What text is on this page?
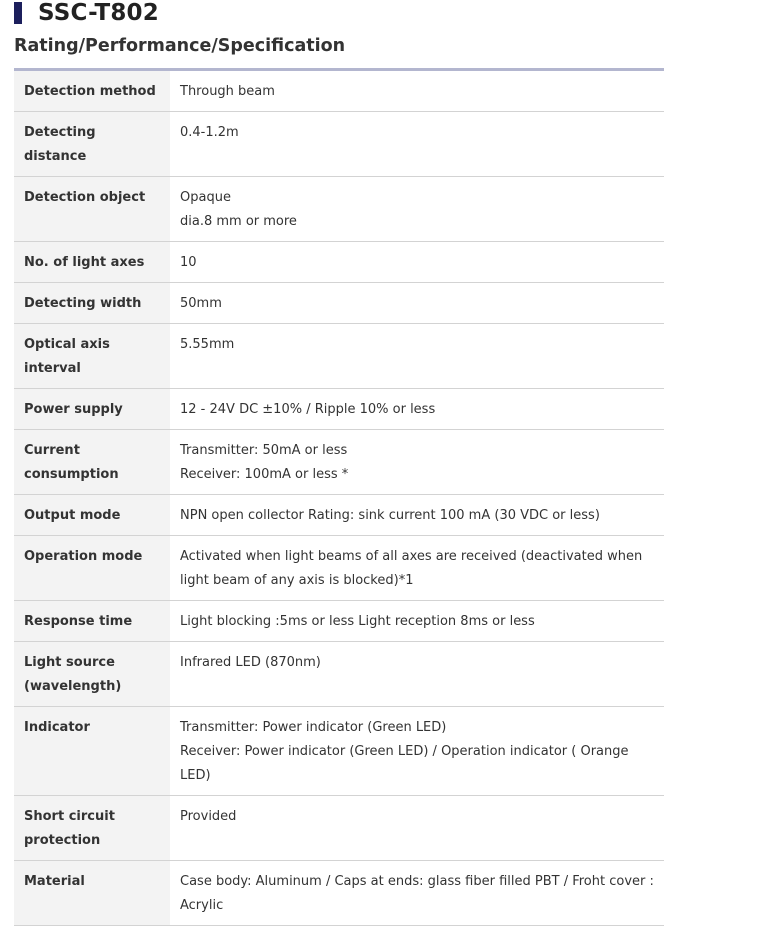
SSC-T802
Rating/Performance/Specification
Detection method	Through beam

Detecting distance	0.4-1.2m

Detection object	Opaque
dia.8 mm or more

No. of light axes	10

Detecting width	50mm

Optical axis interval	5.55mm

Power supply	12 - 24V DC ±10% / Ripple 10% or less

Current consumption	Transmitter: 50mA or less
Receiver: 100mA or less *

Output mode	NPN open collector Rating: sink current 100 mA (30 VDC or less)

Operation mode	Activated when light beams of all axes are received (deactivated when light beam of any axis is blocked)*1

Response time	Light blocking :5ms or less Light reception 8ms or less

Light source (wavelength)	Infrared LED (870nm)

Indicator	Transmitter: Power indicator (Green LED)
Receiver: Power indicator (Green LED) / Operation indicator ( Orange LED)

Short circuit protection	Provided

Material	Case body: Aluminum / Caps at ends: glass fiber filled PBT / Froht cover : Acrylic
